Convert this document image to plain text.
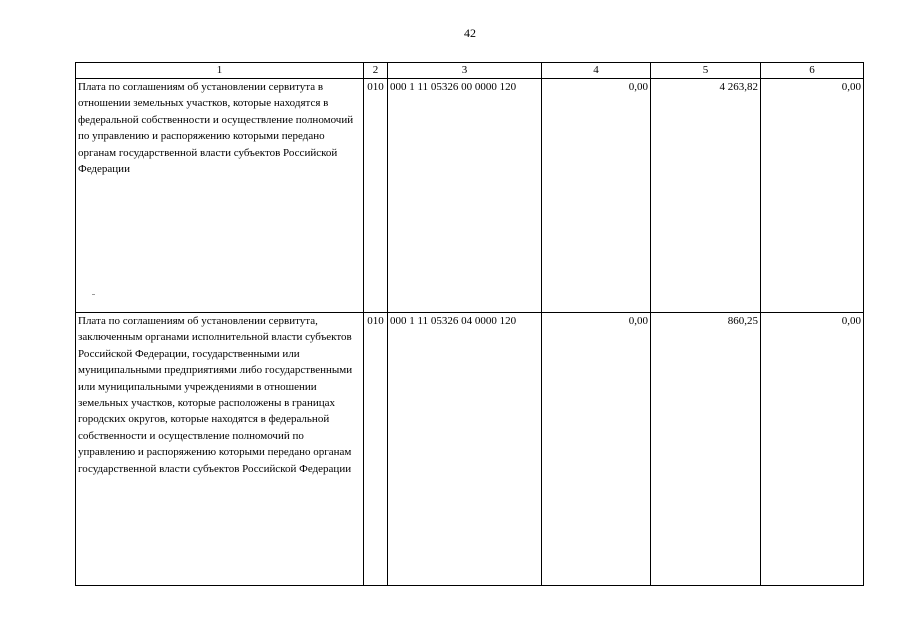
42
1	2	3	4	5	6
Плата по соглашениям об установлении сервитута в отношении земельных участков, которые находятся в федеральной собственности и осуществление полномочий по управлению и распоряжению которыми передано органам государственной власти субъектов Российской Федерации	010	000 1 11 05326 00 0000 120	0,00	4 263,82	0,00
Плата по соглашениям об установлении сервитута, заключенным органами исполнительной власти субъектов Российской Федерации, государственными или муниципальными предприятиями либо государственными или муниципальными учреждениями в отношении земельных участков, которые расположены в границах городских округов, которые находятся в федеральной собственности и осуществление полномочий по управлению и распоряжению которыми передано органам государственной власти субъектов Российской Федерации	010	000 1 11 05326 04 0000 120	0,00	860,25	0,00
